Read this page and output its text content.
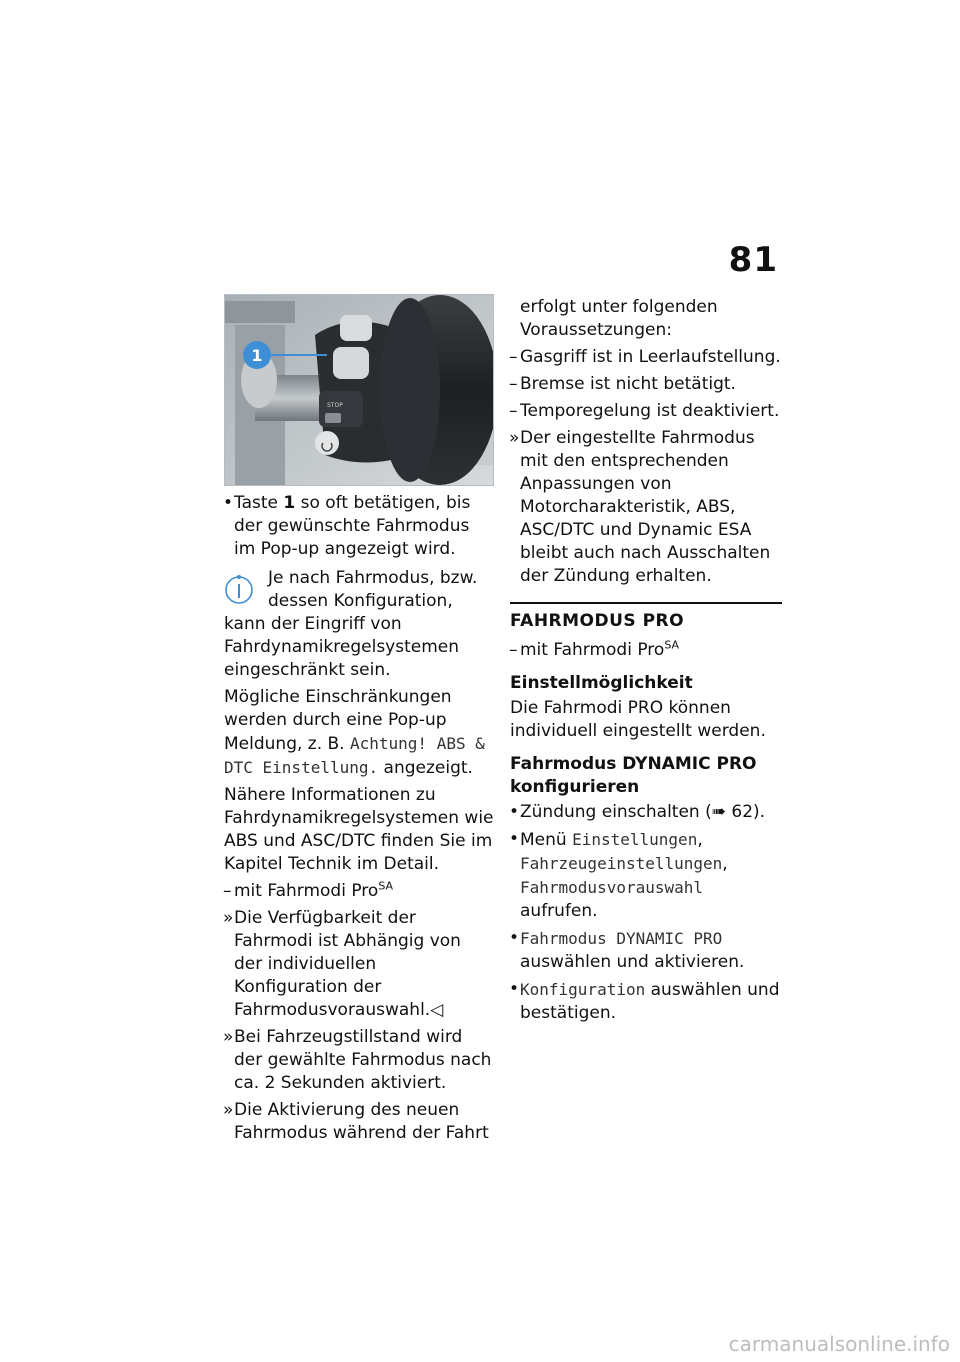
81
STOP
1
• Taste 1 so oft betätigen, bis der gewünschte Fahrmodus im Pop-up angezeigt wird.
Je nach Fahrmodus, bzw. dessen Konfiguration,
kann der Eingriff von Fahrdynamikregelsystemen eingeschränkt sein.
Mögliche Einschränkungen werden durch eine Pop-up Meldung, z. B. Achtung! ABS & DTC Einstellung. angezeigt.
Nähere Informationen zu Fahrdynamikregelsystemen wie ABS und ASC/DTC finden Sie im Kapitel Technik im Detail.
– mit Fahrmodi Pro$^{SA}$
» Die Verfügbarkeit der Fahrmodi ist Abhängig von der individuellen Konfiguration der Fahrmodusvorauswahl.◁
» Bei Fahrzeugstillstand wird der gewählte Fahrmodus nach ca. 2 Sekunden aktiviert.
» Die Aktivierung des neuen Fahrmodus während der Fahrt
erfolgt unter folgenden Voraussetzungen:
– Gasgriff ist in Leerlaufstellung.
– Bremse ist nicht betätigt.
– Temporegelung ist deaktiviert.
» Der eingestellte Fahrmodus mit den entsprechenden Anpassungen von Motorcharakteristik, ABS, ASC/DTC und Dynamic ESA bleibt auch nach Ausschalten der Zündung erhalten.
FAHRMODUS PRO
– mit Fahrmodi Pro$^{SA}$
Einstellmöglichkeit
Die Fahrmodi PRO können individuell eingestellt werden.
Fahrmodus DYNAMIC PRO konfigurieren
• Zündung einschalten (➠ 62).
• Menü Einstellungen, Fahrzeugeinstellungen, Fahrmodusvorauswahl aufrufen.
• Fahrmodus DYNAMIC PRO auswählen und aktivieren.
• Konfiguration auswählen und bestätigen.
carmanualsonline.info
